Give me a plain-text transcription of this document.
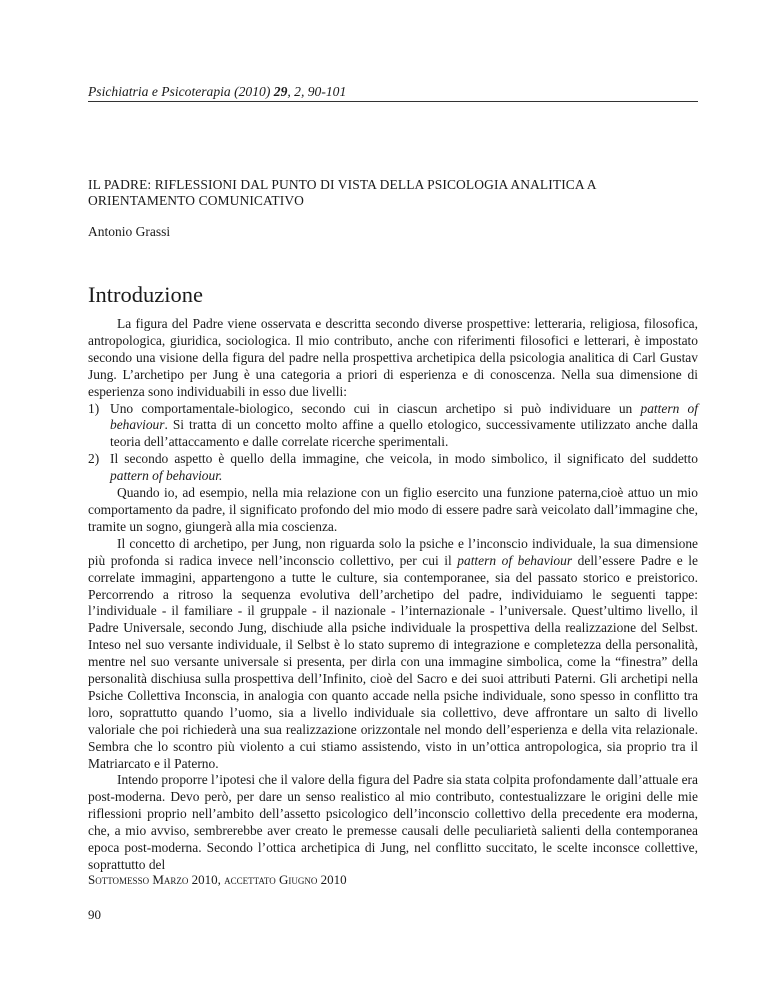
Psichiatria e Psicoterapia (2010) 29, 2, 90-101
IL PADRE: RIFLESSIONI DAL PUNTO DI VISTA DELLA PSICOLOGIA ANALITICA A ORIENTAMENTO COMUNICATIVO
Antonio Grassi
Introduzione

La figura del Padre viene osservata e descritta secondo diverse prospettive: letteraria, religiosa, filosofica, antropologica, giuridica, sociologica. Il mio contributo, anche con riferimenti filosofici e letterari, è impostato secondo una visione della figura del padre nella prospettiva archetipica della psicologia analitica di Carl Gustav Jung. L’archetipo per Jung è una categoria a priori di esperienza e di conoscenza. Nella sua dimensione di esperienza sono individuabili in esso due livelli:

1) Uno comportamentale-biologico, secondo cui in ciascun archetipo si può individuare un pattern of behaviour. Si tratta di un concetto molto affine a quello etologico, successivamente utilizzato anche dalla teoria dell’attaccamento e dalle correlate ricerche sperimentali.
2) Il secondo aspetto è quello della immagine, che veicola, in modo simbolico, il significato del suddetto pattern of behaviour.

Quando io, ad esempio, nella mia relazione con un figlio esercito una funzione paterna,cioè attuo un mio comportamento da padre, il significato profondo del mio modo di essere padre sarà veicolato dall’immagine che, tramite un sogno, giungerà alla mia coscienza.

Il concetto di archetipo, per Jung, non riguarda solo la psiche e l’inconscio individuale, la sua dimensione più profonda si radica invece nell’inconscio collettivo, per cui il pattern of behaviour dell’essere Padre e le correlate immagini, appartengono a tutte le culture, sia contemporanee, sia del passato storico e preistorico. Percorrendo a ritroso la sequenza evolutiva dell’archetipo del padre, individuiamo le seguenti tappe: l’individuale - il familiare - il gruppale - il nazionale - l’internazionale - l’universale. Quest’ultimo livello, il Padre Universale, secondo Jung, dischiude alla psiche individuale la prospettiva della realizzazione del Selbst. Inteso nel suo versante individuale, il Selbst è lo stato supremo di integrazione e completezza della personalità, mentre nel suo versante universale si presenta, per dirla con una immagine simbolica, come la “finestra” della personalità dischiusa sulla prospettiva dell’Infinito, cioè del Sacro e dei suoi attributi Paterni. Gli archetipi nella Psiche Collettiva Inconscia, in analogia con quanto accade nella psiche individuale, sono spesso in conflitto tra loro, soprattutto quando l’uomo, sia a livello individuale sia collettivo, deve affrontare un salto di livello valoriale che poi richiederà una sua realizzazione orizzontale nel mondo dell’esperienza e della vita relazionale. Sembra che lo scontro più violento a cui stiamo assistendo, visto in un’ottica antropologica, sia proprio tra il Matriarcato e il Paterno.

Intendo proporre l’ipotesi che il valore della figura del Padre sia stata colpita profondamente dall’attuale era post-moderna. Devo però, per dare un senso realistico al mio contributo, contestualizzare le origini delle mie riflessioni proprio nell’ambito dell’assetto psicologico dell’inconscio collettivo della precedente era moderna, che, a mio avviso, sembrerebbe aver creato le premesse causali delle peculiarietà salienti della contemporanea epoca post-moderna. Secondo l’ottica archetipica di Jung, nel conflitto succitato, le scelte inconsce collettive, soprattutto del

Sottomesso Marzo 2010, accettato Giugno 2010
90
